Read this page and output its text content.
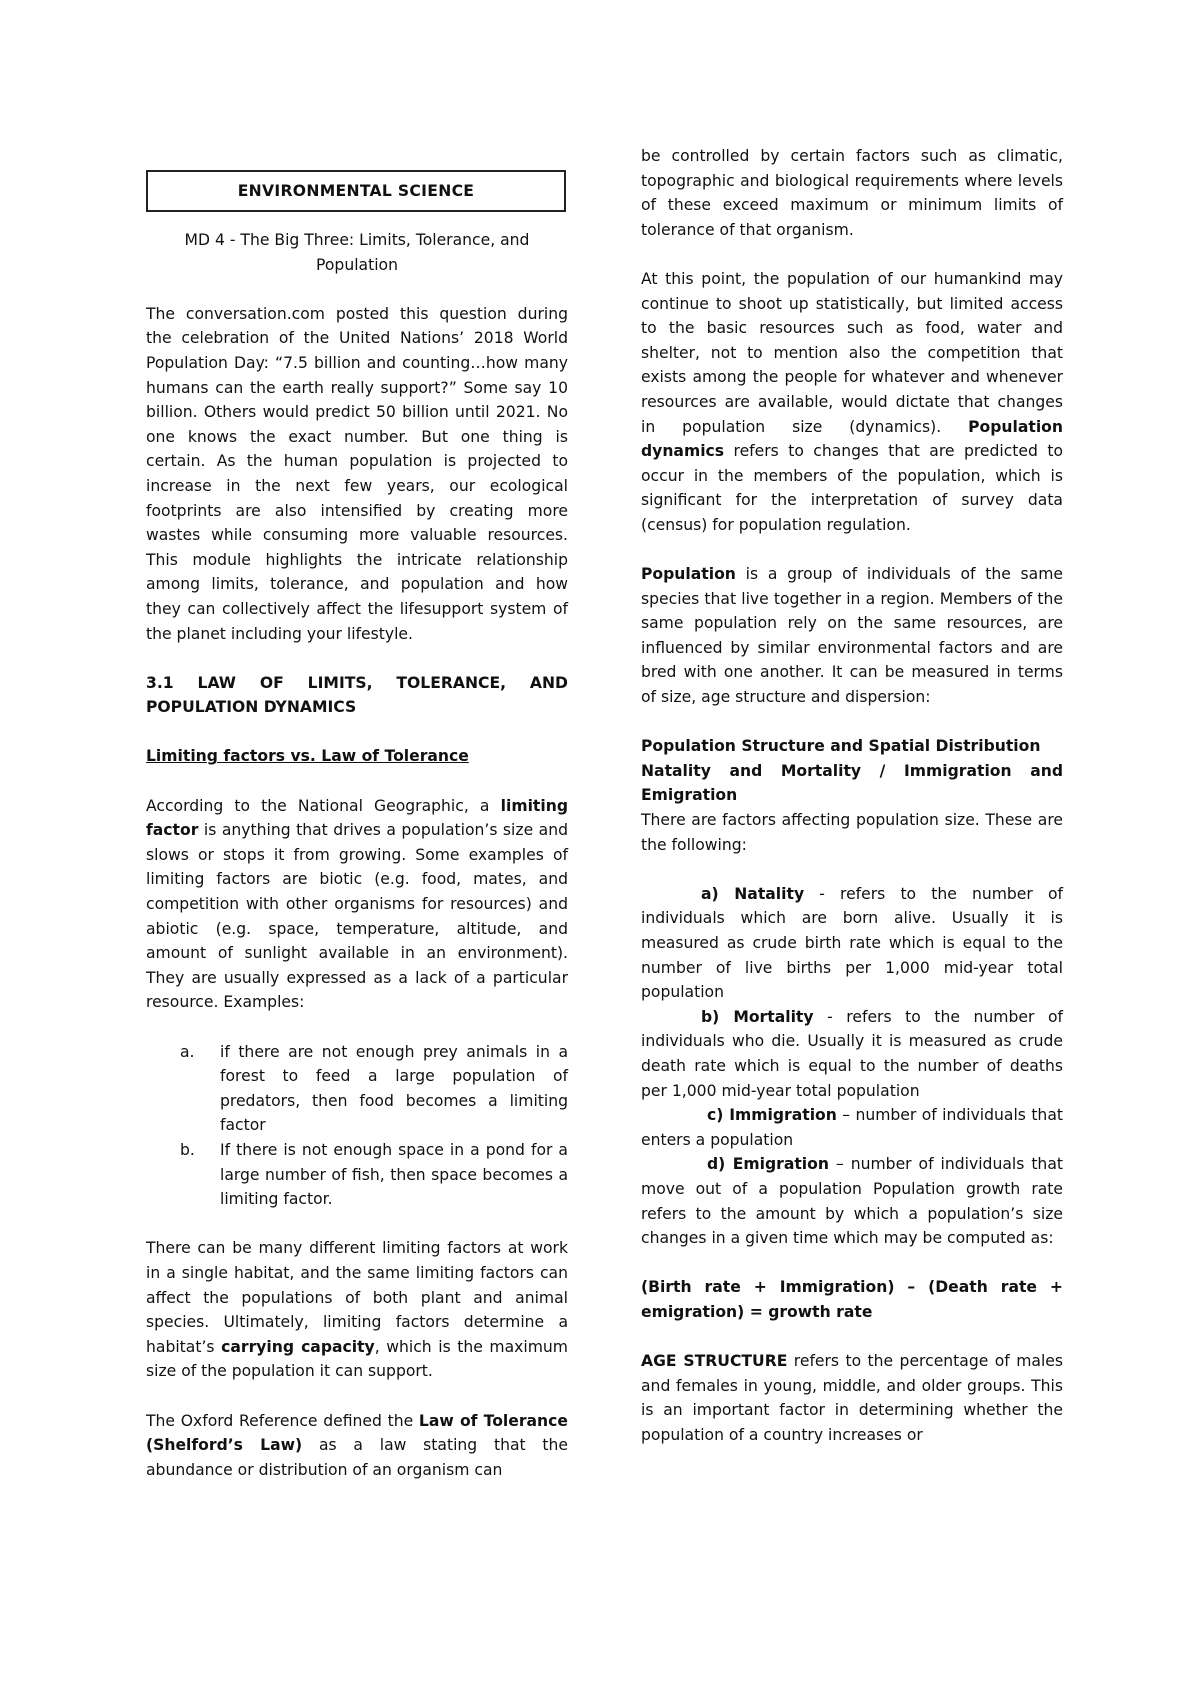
ENVIRONMENTAL SCIENCE

MD 4 - The Big Three: Limits, Tolerance, and

Population

The conversation.com posted this question during the celebration of the United Nations’ 2018 World Population Day: “7.5 billion and counting…how many humans can the earth really support?” Some say 10 billion. Others would predict 50 billion until 2021. No one knows the exact number. But one thing is certain. As the human population is projected to increase in the next few years, our ecological footprints are also intensified by creating more wastes while consuming more valuable resources. This module highlights the intricate relationship among limits, tolerance, and population and how they can collectively affect the lifesupport system of the planet including your lifestyle.

3.1 LAW OF LIMITS, TOLERANCE, AND POPULATION DYNAMICS

Limiting factors vs. Law of Tolerance

According to the National Geographic, a limiting factor is anything that drives a population’s size and slows or stops it from growing. Some examples of limiting factors are biotic (e.g. food, mates, and competition with other organisms for resources) and abiotic (e.g. space, temperature, altitude, and amount of sunlight available in an environment). They are usually expressed as a lack of a particular resource. Examples:

a. if there are not enough prey animals in a forest to feed a large population of predators, then food becomes a limiting factor
b. If there is not enough space in a pond for a large number of fish, then space becomes a limiting factor.

There can be many different limiting factors at work in a single habitat, and the same limiting factors can affect the populations of both plant and animal species. Ultimately, limiting factors determine a habitat’s carrying capacity, which is the maximum size of the population it can support.

The Oxford Reference defined the Law of Tolerance (Shelford’s Law) as a law stating that the abundance or distribution of an organism can

be controlled by certain factors such as climatic, topographic and biological requirements where levels of these exceed maximum or minimum limits of tolerance of that organism.

At this point, the population of our humankind may continue to shoot up statistically, but limited access to the basic resources such as food, water and shelter, not to mention also the competition that exists among the people for whatever and whenever resources are available, would dictate that changes in population size (dynamics). Population dynamics refers to changes that are predicted to occur in the members of the population, which is significant for the interpretation of survey data (census) for population regulation.

Population is a group of individuals of the same species that live together in a region. Members of the same population rely on the same resources, are influenced by similar environmental factors and are bred with one another. It can be measured in terms of size, age structure and dispersion:

Population Structure and Spatial Distribution

Natality and Mortality / Immigration and Emigration

There are factors affecting population size. These are the following:

a) Natality - refers to the number of individuals which are born alive. Usually it is measured as crude birth rate which is equal to the number of live births per 1,000 mid-year total population

b) Mortality - refers to the number of individuals who die. Usually it is measured as crude death rate which is equal to the number of deaths per 1,000 mid-year total population

c) Immigration – number of individuals that enters a population

d) Emigration – number of individuals that move out of a population Population growth rate refers to the amount by which a population’s size changes in a given time which may be computed as:

(Birth rate + Immigration) – (Death rate + emigration) = growth rate

AGE STRUCTURE refers to the percentage of males and females in young, middle, and older groups. This is an important factor in determining whether the population of a country increases or
